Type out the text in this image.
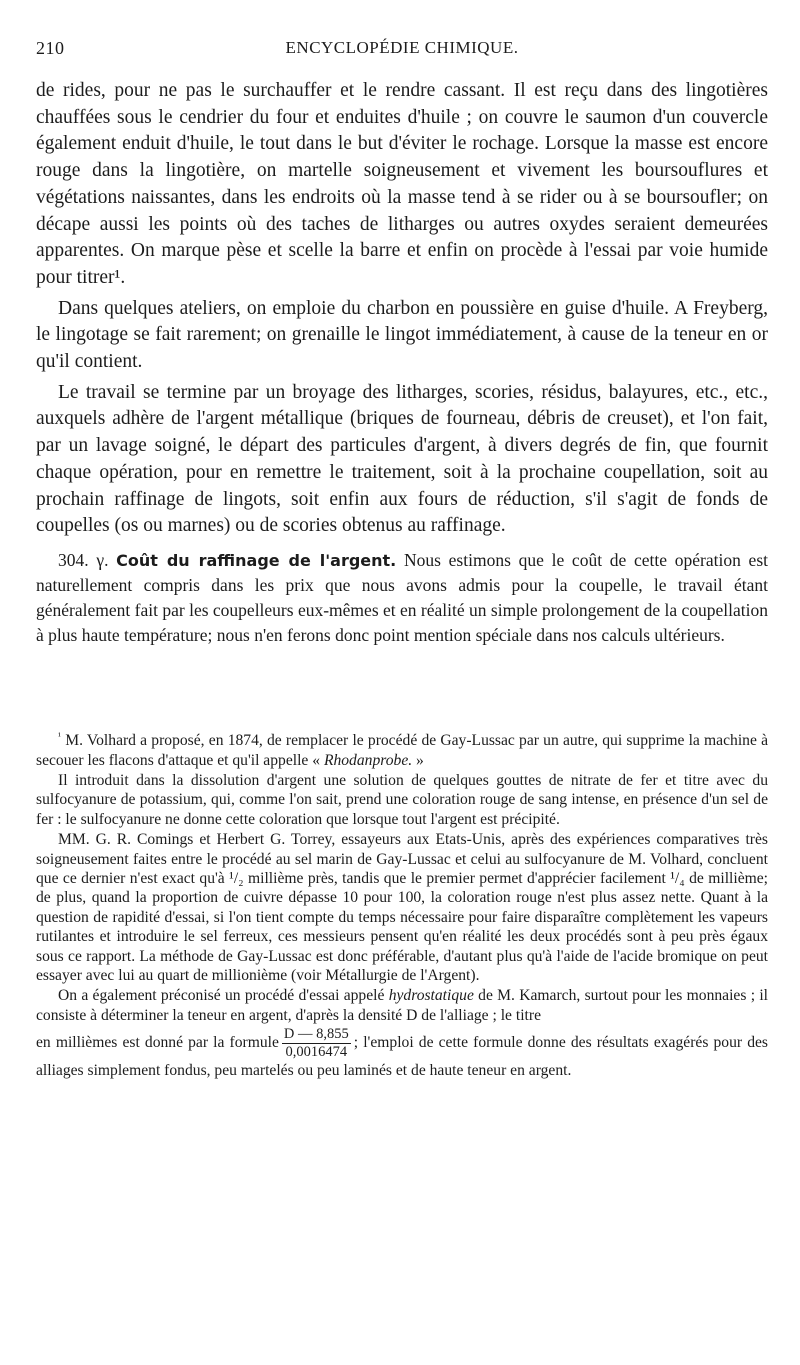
210	ENCYCLOPÉDIE CHIMIQUE.

de rides, pour ne pas le surchauffer et le rendre cassant. Il est reçu dans des lingotières chauffées sous le cendrier du four et enduites d'huile ; on couvre le saumon d'un couvercle également enduit d'huile, le tout dans le but d'éviter le rochage. Lorsque la masse est encore rouge dans la lingotière, on martelle soigneusement et vivement les boursouflures et végétations naissantes, dans les endroits où la masse tend à se rider ou à se boursoufler; on décape aussi les points où des taches de litharges ou autres oxydes seraient demeurées apparentes. On marque pèse et scelle la barre et enfin on procède à l'essai par voie humide pour titrer¹.

Dans quelques ateliers, on emploie du charbon en poussière en guise d'huile. A Freyberg, le lingotage se fait rarement; on grenaille le lingot immédiatement, à cause de la teneur en or qu'il contient.

Le travail se termine par un broyage des litharges, scories, résidus, balayures, etc., etc., auxquels adhère de l'argent métallique (briques de fourneau, débris de creuset), et l'on fait, par un lavage soigné, le départ des particules d'argent, à divers degrés de fin, que fournit chaque opération, pour en remettre le traitement, soit à la prochaine coupellation, soit au prochain raffinage de lingots, soit enfin aux fours de réduction, s'il s'agit de fonds de coupelles (os ou marnes) ou de scories obtenus au raffinage.

304. γ. Coût du raffinage de l'argent. Nous estimons que le coût de cette opération est naturellement compris dans les prix que nous avons admis pour la coupelle, le travail étant généralement fait par les coupelleurs eux-mêmes et en réalité un simple prolongement de la coupellation à plus haute température; nous n'en ferons donc point mention spéciale dans nos calculs ultérieurs.

$^{^1}$ M. Volhard a proposé, en 1874, de remplacer le procédé de Gay-Lussac par un autre, qui supprime la machine à secouer les flacons d'attaque et qu'il appelle « Rhodanprobe. »

Il introduit dans la dissolution d'argent une solution de quelques gouttes de nitrate de fer et titre avec du sulfocyanure de potassium, qui, comme l'on sait, prend une coloration rouge de sang intense, en présence d'un sel de fer : le sulfocyanure ne donne cette coloration que lorsque tout l'argent est précipité.

MM. G. R. Comings et Herbert G. Torrey, essayeurs aux Etats-Unis, après des expériences comparatives très soigneusement faites entre le procédé au sel marin de Gay-Lussac et celui au sulfocyanure de M. Volhard, concluent que ce dernier n'est exact qu'à ¹/₂ millième près, tandis que le premier permet d'apprécier facilement ¹/₄ de millième; de plus, quand la proportion de cuivre dépasse 10 pour 100, la coloration rouge n'est plus assez nette. Quant à la question de rapidité d'essai, si l'on tient compte du temps nécessaire pour faire disparaître complètement les vapeurs rutilantes et introduire le sel ferreux, ces messieurs pensent qu'en réalité les deux procédés sont à peu près égaux sous ce rapport. La méthode de Gay-Lussac est donc préférable, d'autant plus qu'à l'aide de l'acide bromique on peut essayer avec lui au quart de millionième (voir Métallurgie de l'Argent).

On a également préconisé un procédé d'essai appelé hydrostatique de M. Kamarch, surtout pour les monnaies ; il consiste à déterminer la teneur en argent, d'après la densité D de l'alliage ; le titre

en millièmes est donné par la formule $\frac{D — 8,855}{0,0016474}$ ; l'emploi de cette formule donne des résultats exagérés pour des alliages simplement fondus, peu martelés ou peu laminés et de haute teneur en argent.
